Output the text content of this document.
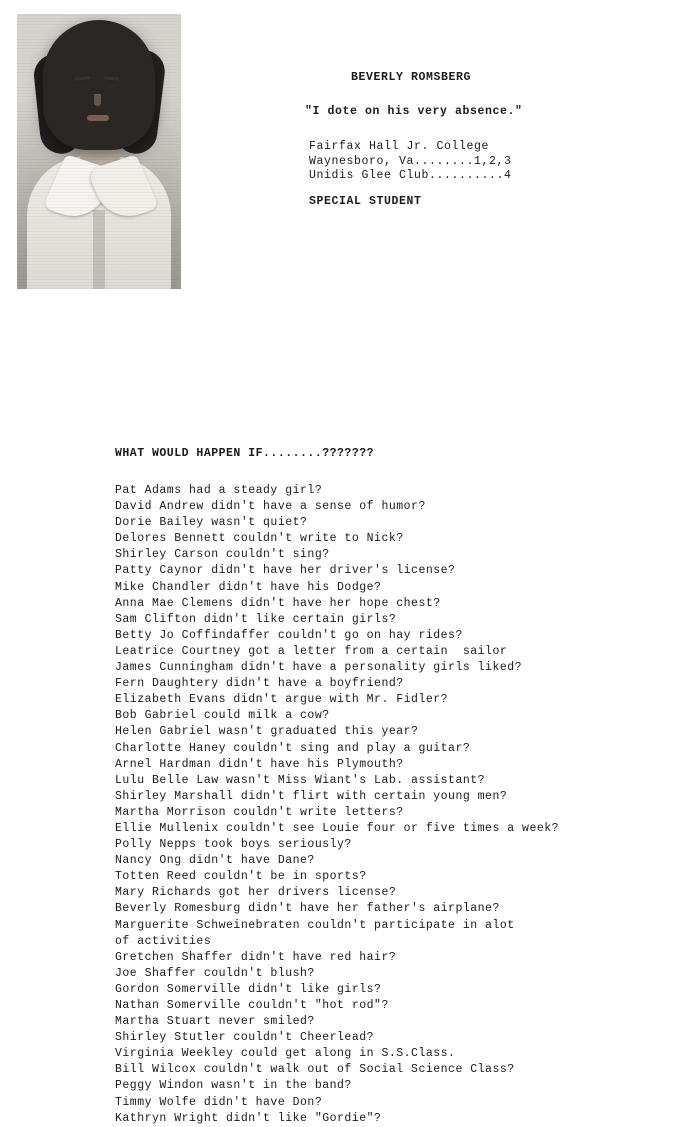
BEVERLY ROMSBERG
"I dote on his very absence."
Fairfax Hall Jr. College
Waynesboro, Va........1,2,3
Unidis Glee Club..........4
SPECIAL STUDENT
WHAT WOULD HAPPEN IF........???????
Pat Adams had a steady girl?
David Andrew didn't have a sense of humor?
Dorie Bailey wasn't quiet?
Delores Bennett couldn't write to Nick?
Shirley Carson couldn't sing?
Patty Caynor didn't have her driver's license?
Mike Chandler didn't have his Dodge?
Anna Mae Clemens didn't have her hope chest?
Sam Clifton didn't like certain girls?
Betty Jo Coffindaffer couldn't go on hay rides?
Leatrice Courtney got a letter from a certain  sailor
James Cunningham didn't have a personality girls liked?
Fern Daughtery didn't have a boyfriend?
Elizabeth Evans didn't argue with Mr. Fidler?
Bob Gabriel could milk a cow?
Helen Gabriel wasn't graduated this year?
Charlotte Haney couldn't sing and play a guitar?
Arnel Hardman didn't have his Plymouth?
Lulu Belle Law wasn't Miss Wiant's Lab. assistant?
Shirley Marshall didn't flirt with certain young men?
Martha Morrison couldn't write letters?
Ellie Mullenix couldn't see Louie four or five times a week?
Polly Nepps took boys seriously?
Nancy Ong didn't have Dane?
Totten Reed couldn't be in sports?
Mary Richards got her drivers license?
Beverly Romesburg didn't have her father's airplane?
Marguerite Schweinebraten couldn't participate in alot
of activities
Gretchen Shaffer didn't have red hair?
Joe Shaffer couldn't blush?
Gordon Somerville didn't like girls?
Nathan Somerville couldn't "hot rod"?
Martha Stuart never smiled?
Shirley Stutler couldn't Cheerlead?
Virginia Weekley could get along in S.S.Class.
Bill Wilcox couldn't walk out of Social Science Class?
Peggy Windon wasn't in the band?
Timmy Wolfe didn't have Don?
Kathryn Wright didn't like "Gordie"?
